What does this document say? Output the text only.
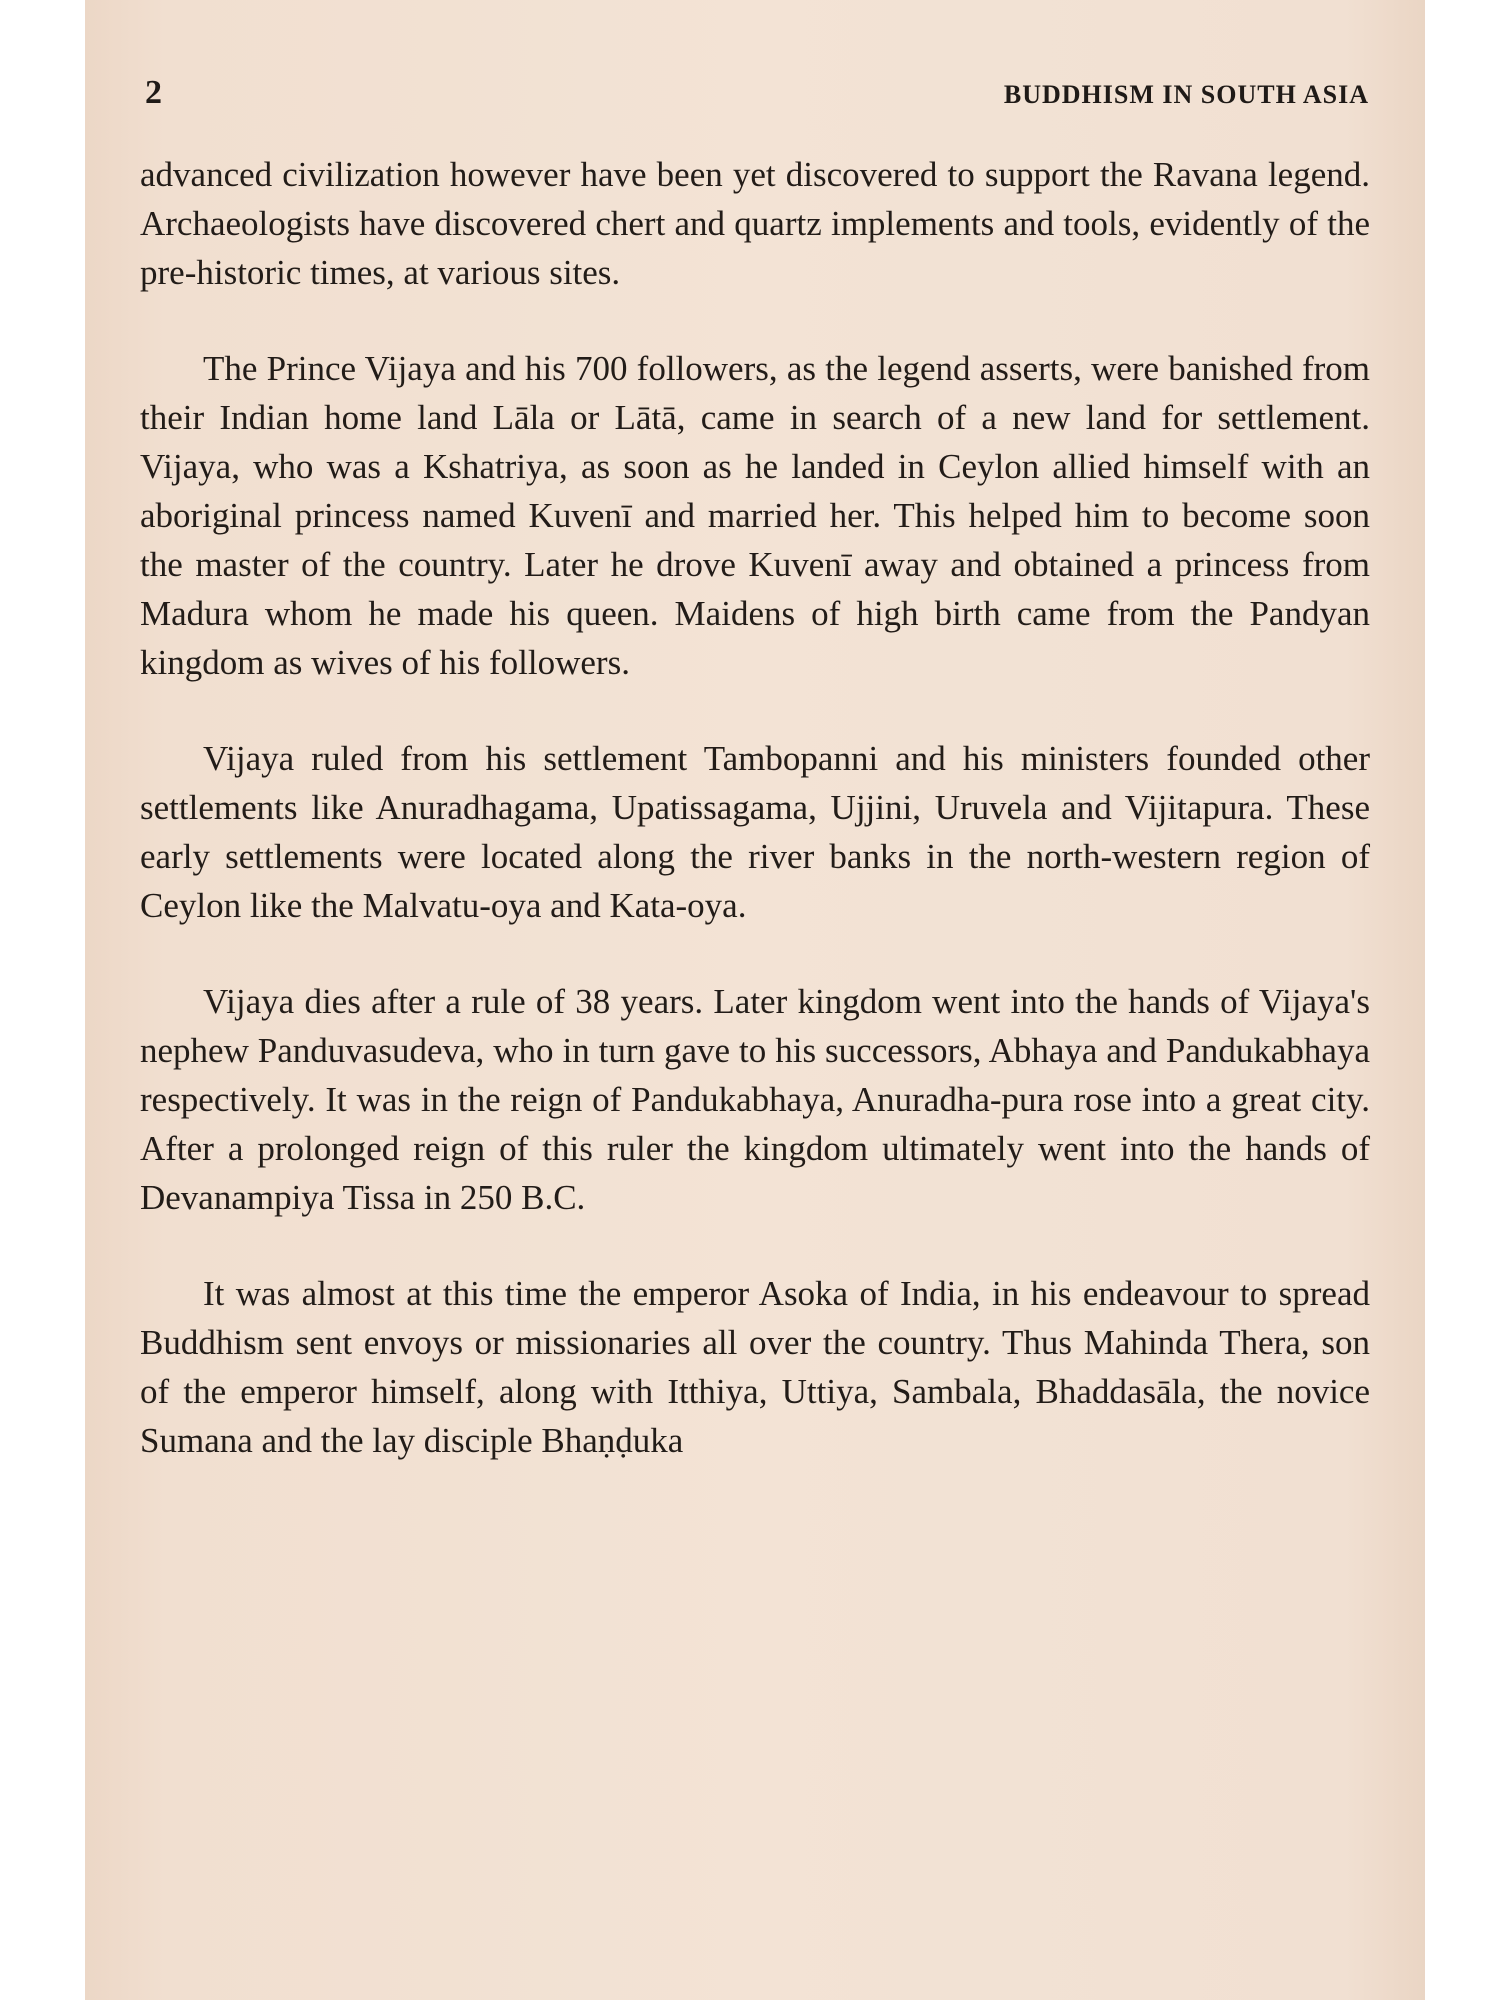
2	BUDDHISM IN SOUTH ASIA

advanced civilization however have been yet discovered to support the Ravana legend. Archaeologists have discovered chert and quartz implements and tools, evidently of the pre-historic times, at various sites.

The Prince Vijaya and his 700 followers, as the legend asserts, were banished from their Indian home land Lāla or Lātā, came in search of a new land for settlement. Vijaya, who was a Kshatriya, as soon as he landed in Ceylon allied himself with an aboriginal princess named Kuvenī and married her. This helped him to become soon the master of the country. Later he drove Kuvenī away and obtained a princess from Madura whom he made his queen. Maidens of high birth came from the Pandyan kingdom as wives of his followers.

Vijaya ruled from his settlement Tambopanni and his ministers founded other settlements like Anuradhagama, Upatissagama, Ujjini, Uruvela and Vijitapura. These early settlements were located along the river banks in the north-western region of Ceylon like the Malvatu-oya and Kata-oya.

Vijaya dies after a rule of 38 years. Later kingdom went into the hands of Vijaya's nephew Panduvasudeva, who in turn gave to his successors, Abhaya and Pandukabhaya respectively. It was in the reign of Pandukabhaya, Anuradha-pura rose into a great city. After a prolonged reign of this ruler the kingdom ultimately went into the hands of Devanampiya Tissa in 250 B.C.

It was almost at this time the emperor Asoka of India, in his endeavour to spread Buddhism sent envoys or missionaries all over the country. Thus Mahinda Thera, son of the emperor himself, along with Itthiya, Uttiya, Sambala, Bhaddasāla, the novice Sumana and the lay disciple Bhaṇḍuka
